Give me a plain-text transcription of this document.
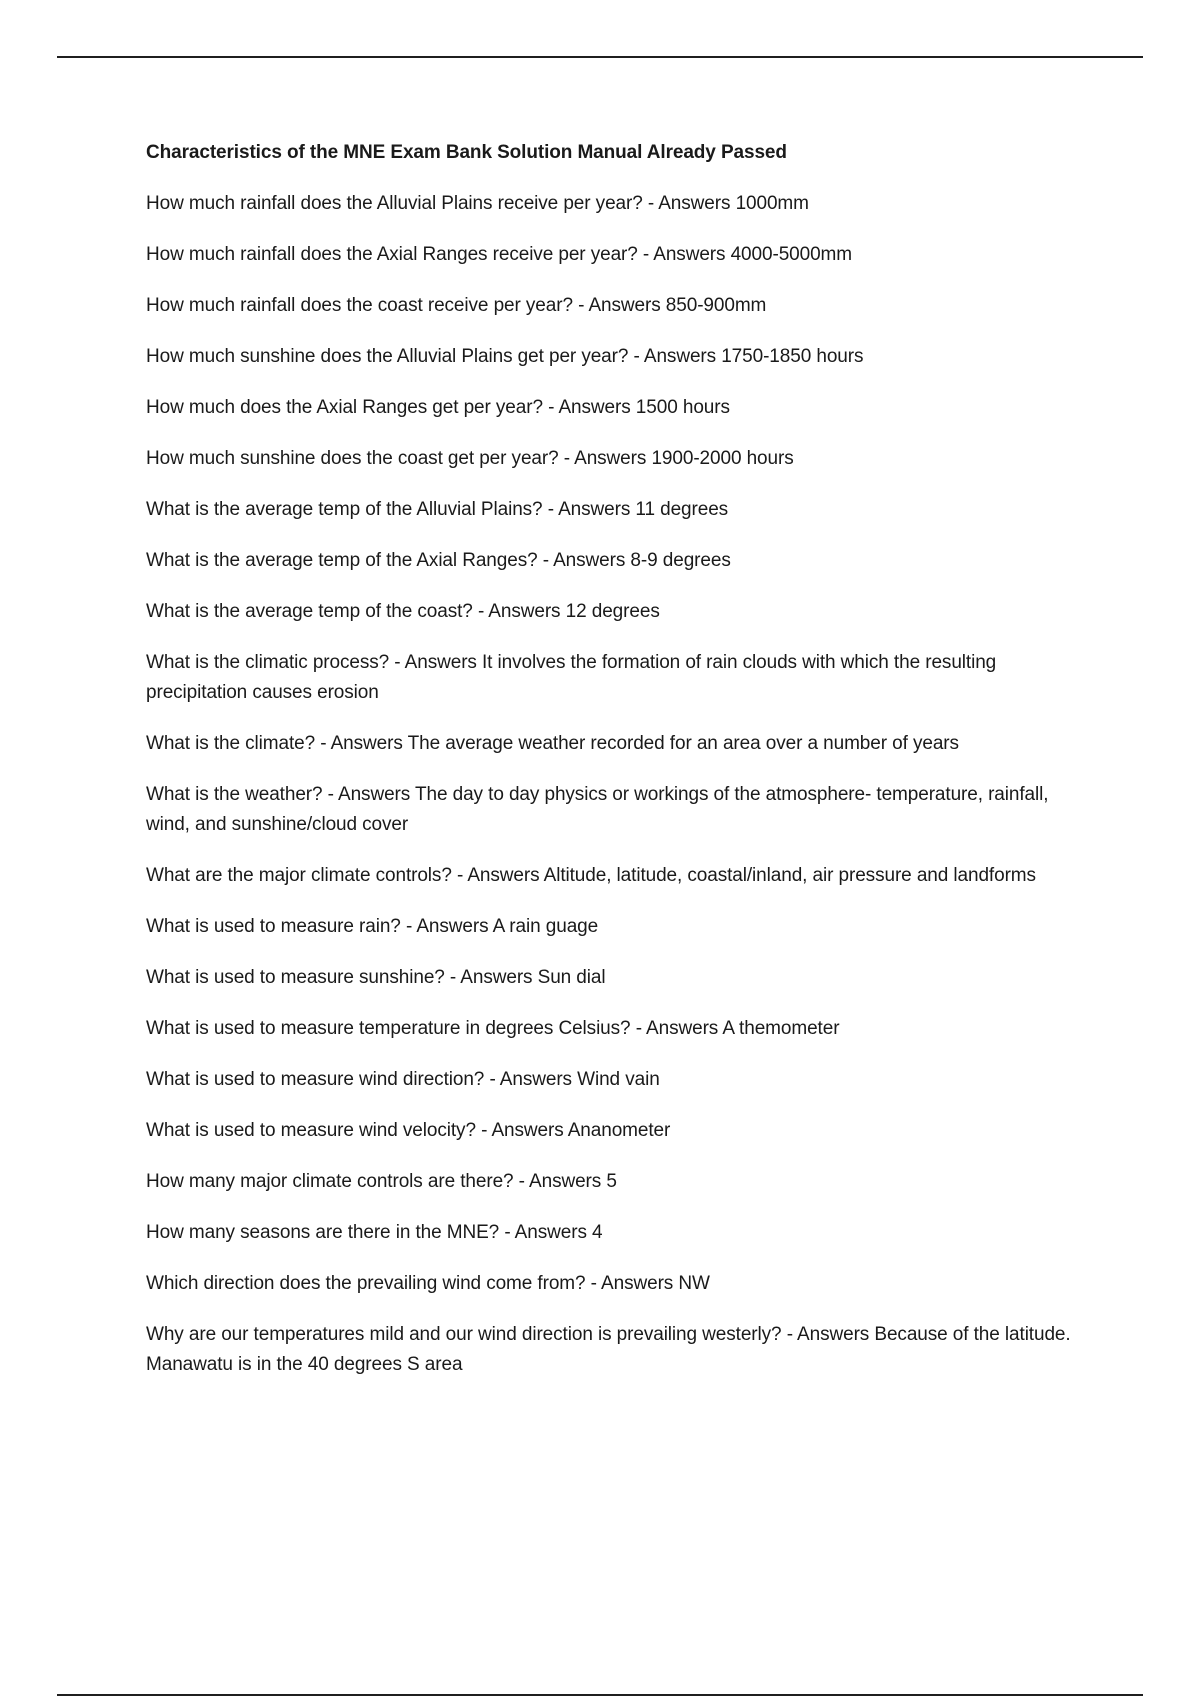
Characteristics of the MNE Exam Bank Solution Manual Already Passed
How much rainfall does the Alluvial Plains receive per year? - Answers 1000mm
How much rainfall does the Axial Ranges receive per year? - Answers 4000-5000mm
How much rainfall does the coast receive per year? - Answers 850-900mm
How much sunshine does the Alluvial Plains get per year? - Answers 1750-1850 hours
How much does the Axial Ranges get per year? - Answers 1500 hours
How much sunshine does the coast get per year? - Answers 1900-2000 hours
What is the average temp of the Alluvial Plains? - Answers 11 degrees
What is the average temp of the Axial Ranges? - Answers 8-9 degrees
What is the average temp of the coast? - Answers 12 degrees
What is the climatic process? - Answers It involves the formation of rain clouds with which the resulting precipitation causes erosion
What is the climate? - Answers The average weather recorded for an area over a number of years
What is the weather? - Answers The day to day physics or workings of the atmosphere- temperature, rainfall, wind, and sunshine/cloud cover
What are the major climate controls? - Answers Altitude, latitude, coastal/inland, air pressure and landforms
What is used to measure rain? - Answers A rain guage
What is used to measure sunshine? - Answers Sun dial
What is used to measure temperature in degrees Celsius? - Answers A themometer
What is used to measure wind direction? - Answers Wind vain
What is used to measure wind velocity? - Answers Ananometer
How many major climate controls are there? - Answers 5
How many seasons are there in the MNE? - Answers 4
Which direction does the prevailing wind come from? - Answers NW
Why are our temperatures mild and our wind direction is prevailing westerly? - Answers Because of the latitude. Manawatu is in the 40 degrees S area
